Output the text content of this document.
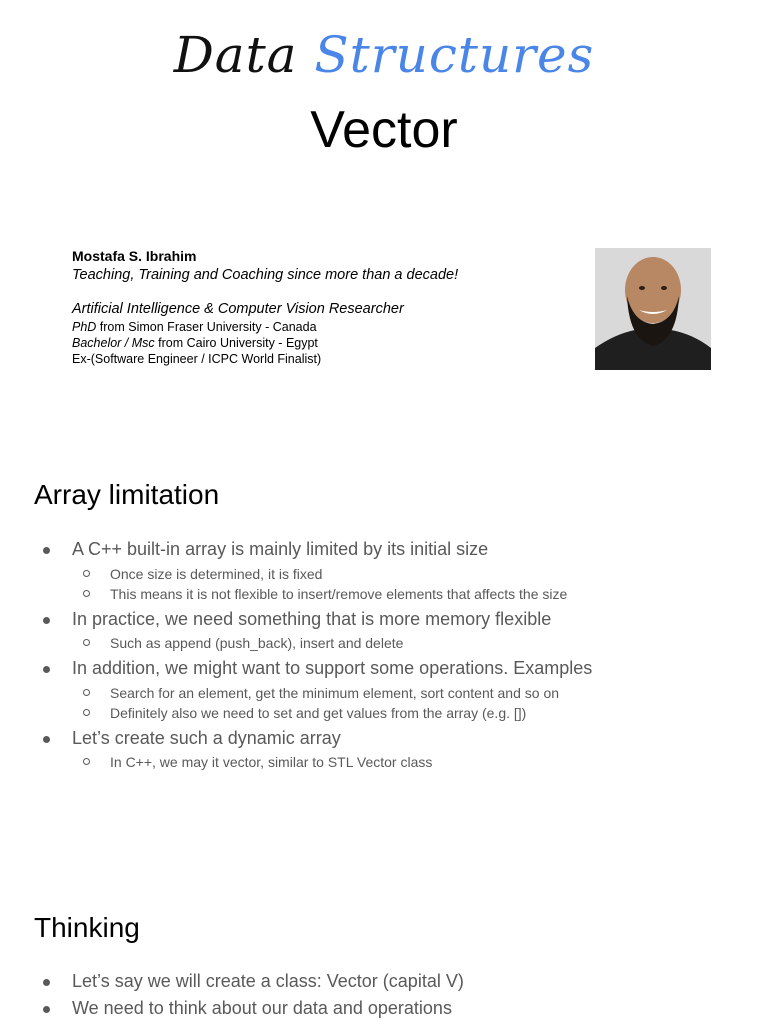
Data Structures
Vector
Mostafa S. Ibrahim
Teaching, Training and Coaching since more than a decade!
Artificial Intelligence & Computer Vision Researcher
PhD from Simon Fraser University - Canada
Bachelor / Msc from Cairo University - Egypt
Ex-(Software Engineer / ICPC World Finalist)
Array limitation
A C++ built-in array is mainly limited by its initial size
Once size is determined, it is fixed
This means it is not flexible to insert/remove elements that affects the size
In practice, we need something that is more memory flexible
Such as append (push_back), insert and delete
In addition, we might want to support some operations. Examples
Search for an element, get the minimum element, sort content and so on
Definitely also we need to set and get values from the array (e.g. [])
Let’s create such a dynamic array
In C++, we may it vector, similar to STL Vector class
Thinking
Let’s say we will create a class: Vector (capital V)
We need to think about our data and operations
